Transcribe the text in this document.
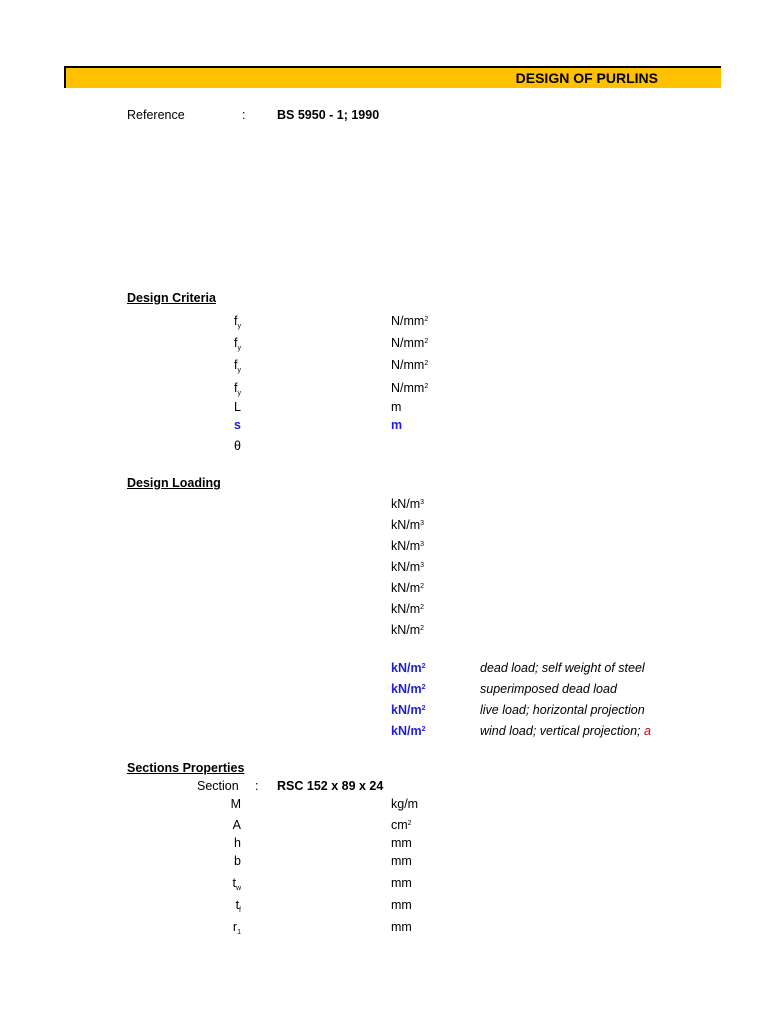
DESIGN OF PURLINS
Reference	:	BS 5950 - 1; 1990
Design Criteria
$f_y$	$N/mm^2$
$f_y$	$N/mm^2$
$f_y$	$N/mm^2$
$f_y$	$N/mm^2$
L	m
s	m
θ
Design Loading
$kN/m^3$
$kN/m^3$
$kN/m^3$
$kN/m^3$
$kN/m^2$
$kN/m^2$
$kN/m^2$
$kN/m^2$	dead load; self weight of steel
$kN/m^2$	superimposed dead load
$kN/m^2$	live load; horizontal projection
$kN/m^2$	wind load; vertical projection; a
Sections Properties
Section : RSC 152 x 89 x 24
M	kg/m
A	$cm^2$
h	mm
b	mm
$t_w$	mm
$t_f$	mm
$r_1$	mm
